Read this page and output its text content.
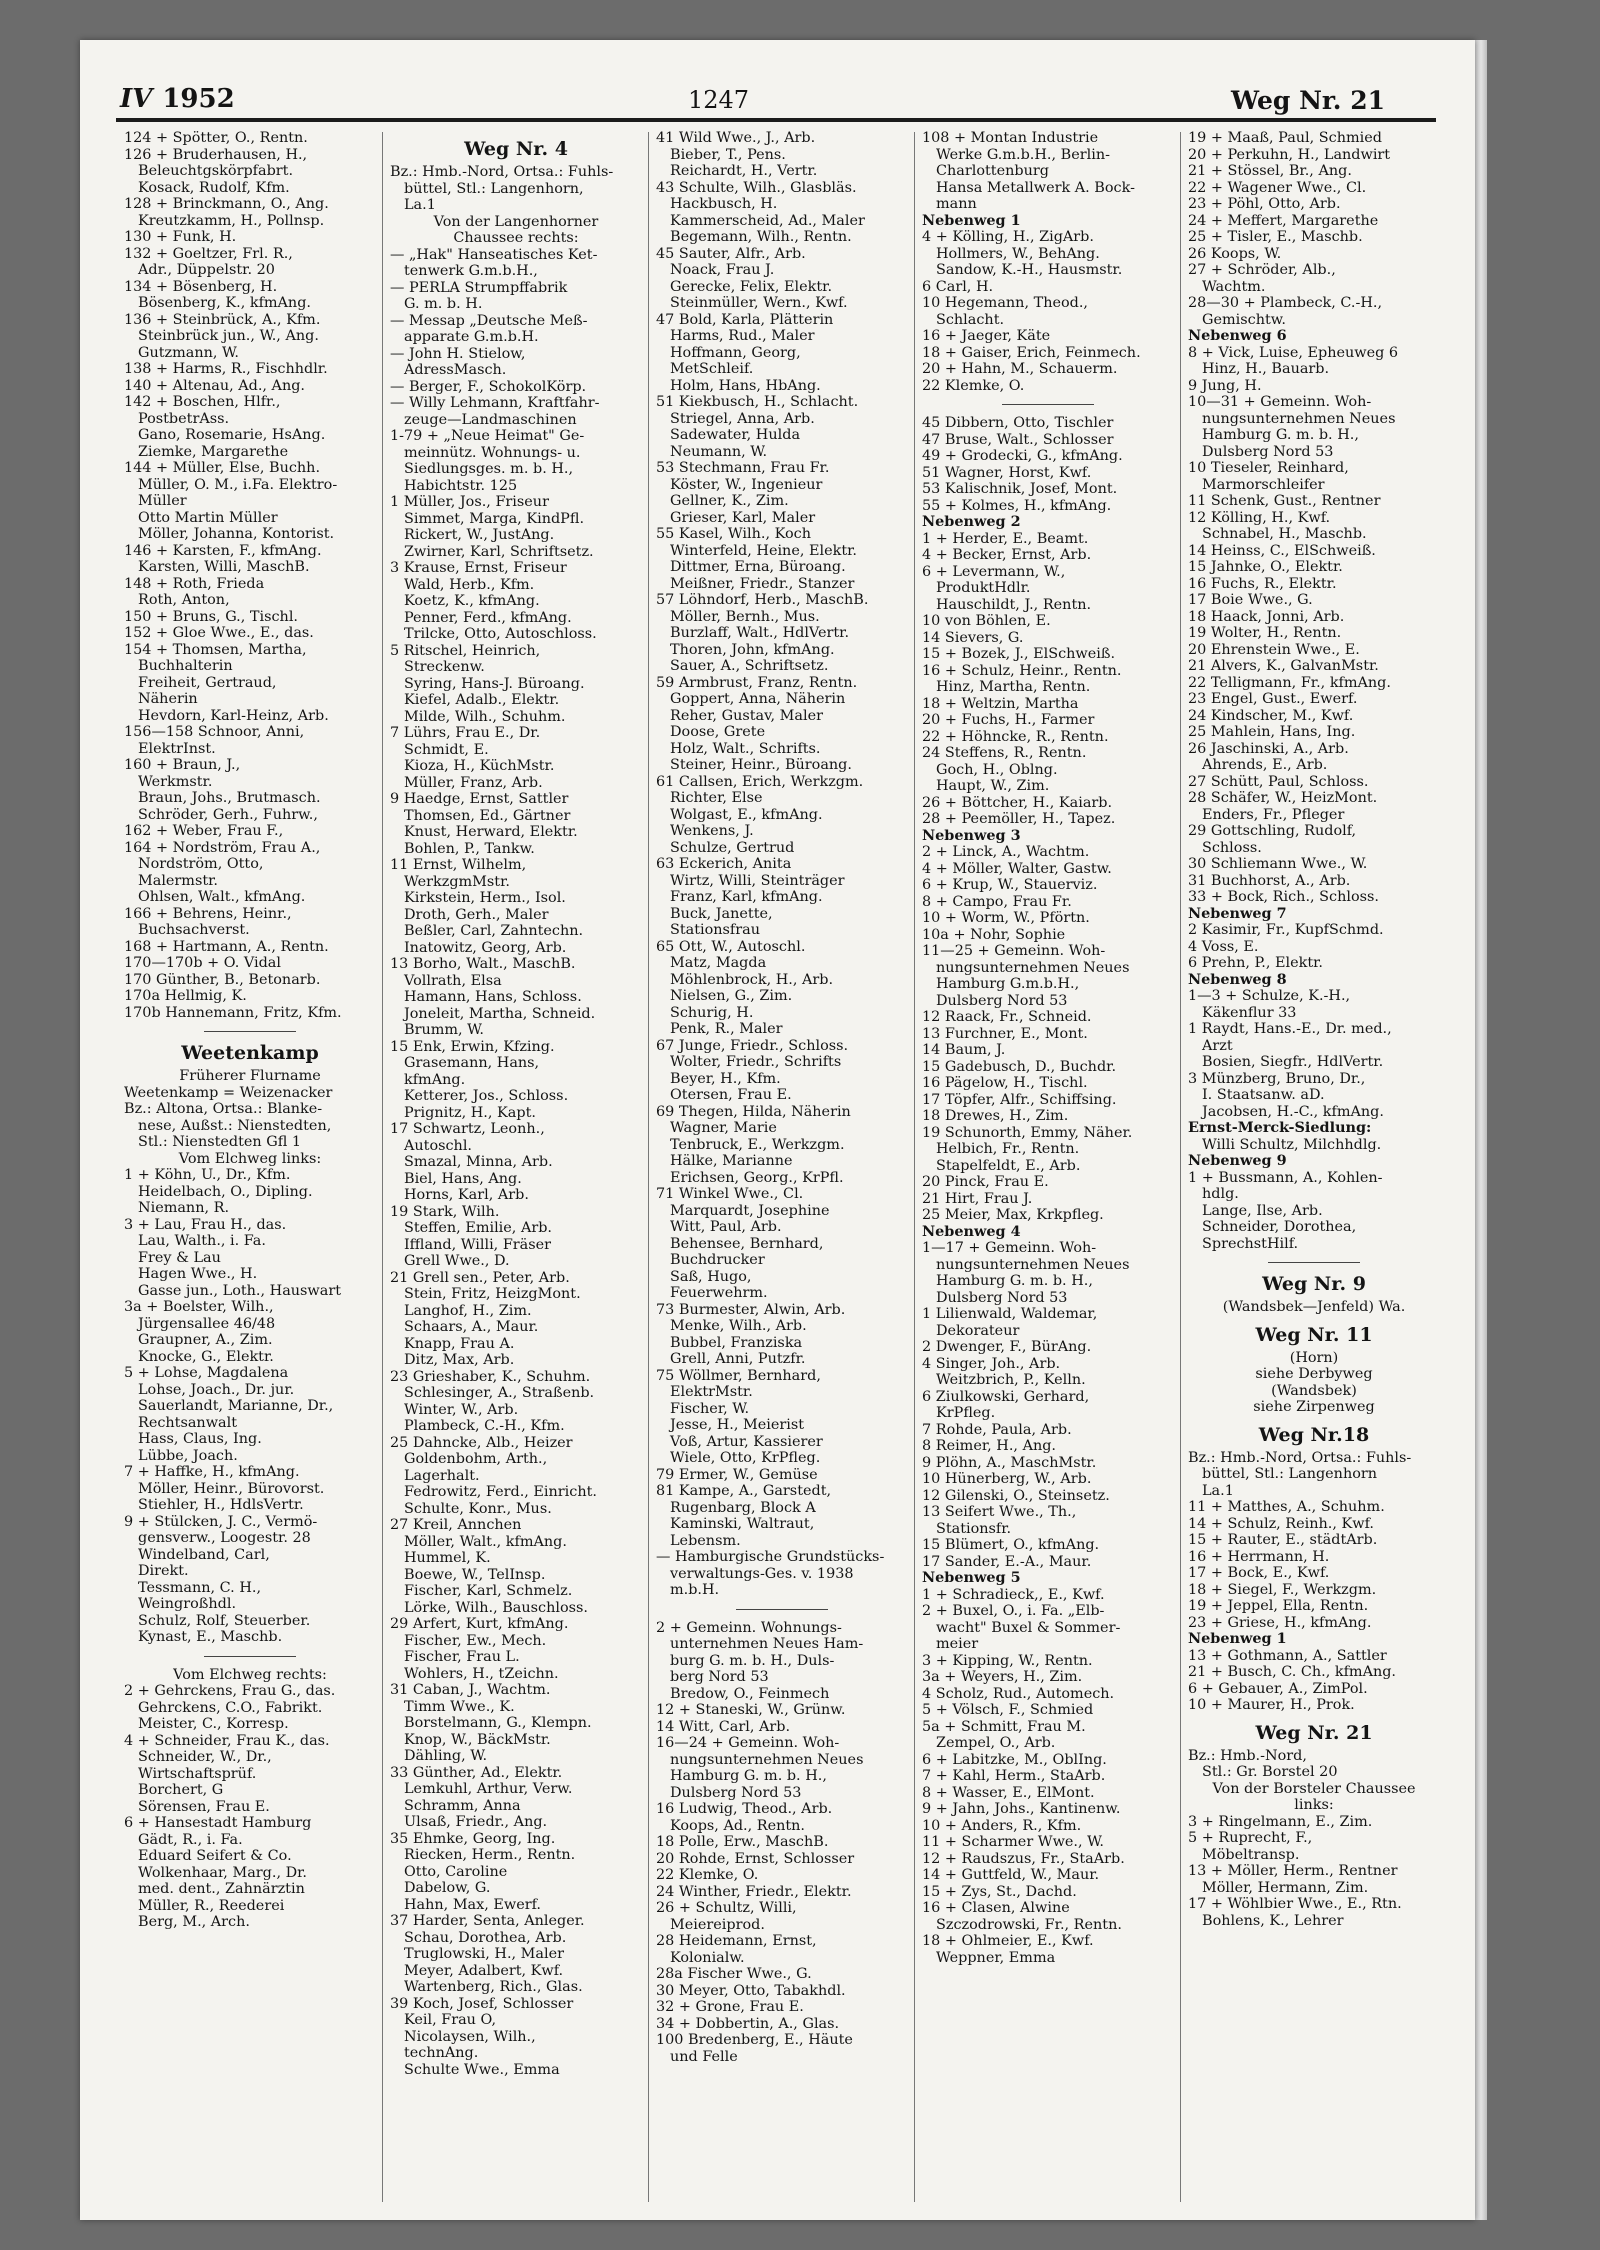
IV 1952	1247	Weg Nr. 21
124 + Spötter, O., Rentn.
126 + Bruderhausen, H.,
Beleuchtgskörpfabrt.
Kosack, Rudolf, Kfm.
128 + Brinckmann, O., Ang.
Kreutzkamm, H., Pollnsp.
130 + Funk, H.
132 + Goeltzer, Frl. R.,
Adr., Düppelstr. 20
134 + Bösenberg, H.
Bösenberg, K., kfmAng.
136 + Steinbrück, A., Kfm.
Steinbrück jun., W., Ang.
Gutzmann, W.
138 + Harms, R., Fischhdlr.
140 + Altenau, Ad., Ang.
142 + Boschen, Hlfr.,
PostbetrAss.
Gano, Rosemarie, HsAng.
Ziemke, Margarethe
144 + Müller, Else, Buchh.
Müller, O. M., i.Fa. Elektro-
Müller
Otto Martin Müller
Möller, Johanna, Kontorist.
146 + Karsten, F., kfmAng.
Karsten, Willi, MaschB.
148 + Roth, Frieda
Roth, Anton,
150 + Bruns, G., Tischl.
152 + Gloe Wwe., E., das.
154 + Thomsen, Martha,
Buchhalterin
Freiheit, Gertraud,
Näherin
Hevdorn, Karl-Heinz, Arb.
156—158 Schnoor, Anni,
ElektrInst.
160 + Braun, J.,
Werkmstr.
Braun, Johs., Brutmasch.
Schröder, Gerh., Fuhrw.,
162 + Weber, Frau F.,
164 + Nordström, Frau A.,
Nordström, Otto,
Malermstr.
Ohlsen, Walt., kfmAng.
166 + Behrens, Heinr.,
Buchsachverst.
168 + Hartmann, A., Rentn.
170—170b + O. Vidal
170 Günther, B., Betonarb.
170a Hellmig, K.
170b Hannemann, Fritz, Kfm.
Weetenkamp
Früherer Flurname
Weetenkamp = Weizenacker
Bz.: Altona, Ortsa.: Blanke-
nese, Außst.: Nienstedten,
Stl.: Nienstedten Gfl 1
Vom Elchweg links:
1 + Köhn, U., Dr., Kfm.
Heidelbach, O., Dipling.
Niemann, R.
3 + Lau, Frau H., das.
Lau, Walth., i. Fa.
Frey & Lau
Hagen Wwe., H.
Gasse jun., Loth., Hauswart
3a + Boelster, Wilh.,
Jürgensallee 46/48
Graupner, A., Zim.
Knocke, G., Elektr.
5 + Lohse, Magdalena
Lohse, Joach., Dr. jur.
Sauerlandt, Marianne, Dr.,
Rechtsanwalt
Hass, Claus, Ing.
Lübbe, Joach.
7 + Haffke, H., kfmAng.
Möller, Heinr., Bürovorst.
Stiehler, H., HdlsVertr.
9 + Stülcken, J. C., Vermö-
gensverw., Loogestr. 28
Windelband, Carl,
Direkt.
Tessmann, C. H.,
Weingroßhdl.
Schulz, Rolf, Steuerber.
Kynast, E., Maschb.
Vom Elchweg rechts:
2 + Gehrckens, Frau G., das.
Gehrckens, C.O., Fabrikt.
Meister, C., Korresp.
4 + Schneider, Frau K., das.
Schneider, W., Dr.,
Wirtschaftsprüf.
Borchert, G
Sörensen, Frau E.
6 + Hansestadt Hamburg
Gädt, R., i. Fa.
Eduard Seifert & Co.
Wolkenhaar, Marg., Dr.
med. dent., Zahnärztin
Müller, R., Reederei
Berg, M., Arch.
Weg Nr. 4
Bz.: Hmb.-Nord, Ortsa.: Fuhls-
büttel, Stl.: Langenhorn,
La.1
Von der Langenhorner
Chaussee rechts:
— „Hak" Hanseatisches Ket-
tenwerk G.m.b.H.,
— PERLA Strumpffabrik
G. m. b. H.
— Messap „Deutsche Meß-
apparate G.m.b.H.
— John H. Stielow,
AdressMasch.
— Berger, F., SchokolKörp.
— Willy Lehmann, Kraftfahr-
zeuge—Landmaschinen
1-79 + „Neue Heimat" Ge-
meinnütz. Wohnungs- u.
Siedlungsges. m. b. H.,
Habichtstr. 125
1 Müller, Jos., Friseur
Simmet, Marga, KindPfl.
Rickert, W., JustAng.
Zwirner, Karl, Schriftsetz.
3 Krause, Ernst, Friseur
Wald, Herb., Kfm.
Koetz, K., kfmAng.
Penner, Ferd., kfmAng.
Trilcke, Otto, Autoschloss.
5 Ritschel, Heinrich,
Streckenw.
Syring, Hans-J. Büroang.
Kiefel, Adalb., Elektr.
Milde, Wilh., Schuhm.
7 Lührs, Frau E., Dr.
Schmidt, E.
Kioza, H., KüchMstr.
Müller, Franz, Arb.
9 Haedge, Ernst, Sattler
Thomsen, Ed., Gärtner
Knust, Herward, Elektr.
Bohlen, P., Tankw.
11 Ernst, Wilhelm,
WerkzgmMstr.
Kirkstein, Herm., Isol.
Droth, Gerh., Maler
Beßler, Carl, Zahntechn.
Inatowitz, Georg, Arb.
13 Borho, Walt., MaschB.
Vollrath, Elsa
Hamann, Hans, Schloss.
Joneleit, Martha, Schneid.
Brumm, W.
15 Enk, Erwin, Kfzing.
Grasemann, Hans,
kfmAng.
Ketterer, Jos., Schloss.
Prignitz, H., Kapt.
17 Schwartz, Leonh.,
Autoschl.
Smazal, Minna, Arb.
Biel, Hans, Ang.
Horns, Karl, Arb.
19 Stark, Wilh.
Steffen, Emilie, Arb.
Iffland, Willi, Fräser
Grell Wwe., D.
21 Grell sen., Peter, Arb.
Stein, Fritz, HeizgMont.
Langhof, H., Zim.
Schaars, A., Maur.
Knapp, Frau A.
Ditz, Max, Arb.
23 Grieshaber, K., Schuhm.
Schlesinger, A., Straßenb.
Winter, W., Arb.
Plambeck, C.-H., Kfm.
25 Dahncke, Alb., Heizer
Goldenbohm, Arth.,
Lagerhalt.
Fedrowitz, Ferd., Einricht.
Schulte, Konr., Mus.
27 Kreil, Annchen
Möller, Walt., kfmAng.
Hummel, K.
Boewe, W., TelInsp.
Fischer, Karl, Schmelz.
Lörke, Wilh., Bauschloss.
29 Arfert, Kurt, kfmAng.
Fischer, Ew., Mech.
Fischer, Frau L.
Wohlers, H., tZeichn.
31 Caban, J., Wachtm.
Timm Wwe., K.
Borstelmann, G., Klempn.
Knop, W., BäckMstr.
Dähling, W.
33 Günther, Ad., Elektr.
Lemkuhl, Arthur, Verw.
Schramm, Anna
Ulsaß, Friedr., Ang.
35 Ehmke, Georg, Ing.
Riecken, Herm., Rentn.
Otto, Caroline
Dabelow, G.
Hahn, Max, Ewerf.
37 Harder, Senta, Anleger.
Schau, Dorothea, Arb.
Truglowski, H., Maler
Meyer, Adalbert, Kwf.
Wartenberg, Rich., Glas.
39 Koch, Josef, Schlosser
Keil, Frau O,
Nicolaysen, Wilh.,
technAng.
Schulte Wwe., Emma
41 Wild Wwe., J., Arb.
Bieber, T., Pens.
Reichardt, H., Vertr.
43 Schulte, Wilh., Glasbläs.
Hackbusch, H.
Kammerscheid, Ad., Maler
Begemann, Wilh., Rentn.
45 Sauter, Alfr., Arb.
Noack, Frau J.
Gerecke, Felix, Elektr.
Steinmüller, Wern., Kwf.
47 Bold, Karla, Plätterin
Harms, Rud., Maler
Hoffmann, Georg,
MetSchleif.
Holm, Hans, HbAng.
51 Kiekbusch, H., Schlacht.
Striegel, Anna, Arb.
Sadewater, Hulda
Neumann, W.
53 Stechmann, Frau Fr.
Köster, W., Ingenieur
Gellner, K., Zim.
Grieser, Karl, Maler
55 Kasel, Wilh., Koch
Winterfeld, Heine, Elektr.
Dittmer, Erna, Büroang.
Meißner, Friedr., Stanzer
57 Löhndorf, Herb., MaschB.
Möller, Bernh., Mus.
Burzlaff, Walt., HdlVertr.
Thoren, John, kfmAng.
Sauer, A., Schriftsetz.
59 Armbrust, Franz, Rentn.
Goppert, Anna, Näherin
Reher, Gustav, Maler
Doose, Grete
Holz, Walt., Schrifts.
Steiner, Heinr., Büroang.
61 Callsen, Erich, Werkzgm.
Richter, Else
Wolgast, E., kfmAng.
Wenkens, J.
Schulze, Gertrud
63 Eckerich, Anita
Wirtz, Willi, Steinträger
Franz, Karl, kfmAng.
Buck, Janette,
Stationsfrau
65 Ott, W., Autoschl.
Matz, Magda
Möhlenbrock, H., Arb.
Nielsen, G., Zim.
Schurig, H.
Penk, R., Maler
67 Junge, Friedr., Schloss.
Wolter, Friedr., Schrifts
Beyer, H., Kfm.
Otersen, Frau E.
69 Thegen, Hilda, Näherin
Wagner, Marie
Tenbruck, E., Werkzgm.
Hälke, Marianne
Erichsen, Georg., KrPfl.
71 Winkel Wwe., Cl.
Marquardt, Josephine
Witt, Paul, Arb.
Behensee, Bernhard,
Buchdrucker
Saß, Hugo,
Feuerwehrm.
73 Burmester, Alwin, Arb.
Menke, Wilh., Arb.
Bubbel, Franziska
Grell, Anni, Putzfr.
75 Wöllmer, Bernhard,
ElektrMstr.
Fischer, W.
Jesse, H., Meierist
Voß, Artur, Kassierer
Wiele, Otto, KrPfleg.
79 Ermer, W., Gemüse
81 Kampe, A., Garstedt,
Rugenbarg, Block A
Kaminski, Waltraut,
Lebensm.
— Hamburgische Grundstücks-
verwaltungs-Ges. v. 1938
m.b.H.
2 + Gemeinn. Wohnungs-
unternehmen Neues Ham-
burg G. m. b. H., Duls-
berg Nord 53
Bredow, O., Feinmech
12 + Staneski, W., Grünw.
14 Witt, Carl, Arb.
16—24 + Gemeinn. Woh-
nungsunternehmen Neues
Hamburg G. m. b. H.,
Dulsberg Nord 53
16 Ludwig, Theod., Arb.
Koops, Ad., Rentn.
18 Polle, Erw., MaschB.
20 Rohde, Ernst, Schlosser
22 Klemke, O.
24 Winther, Friedr., Elektr.
26 + Schultz, Willi,
Meiereiprod.
28 Heidemann, Ernst,
Kolonialw.
28a Fischer Wwe., G.
30 Meyer, Otto, Tabakhdl.
32 + Grone, Frau E.
34 + Dobbertin, A., Glas.
100 Bredenberg, E., Häute
und Felle
108 + Montan Industrie
Werke G.m.b.H., Berlin-
Charlottenburg
Hansa Metallwerk A. Bock-
mann
Nebenweg 1
4 + Kölling, H., ZigArb.
Hollmers, W., BehAng.
Sandow, K.-H., Hausmstr.
6 Carl, H.
10 Hegemann, Theod.,
Schlacht.
16 + Jaeger, Käte
18 + Gaiser, Erich, Feinmech.
20 + Hahn, M., Schauerm.
22 Klemke, O.
45 Dibbern, Otto, Tischler
47 Bruse, Walt., Schlosser
49 + Grodecki, G., kfmAng.
51 Wagner, Horst, Kwf.
53 Kalischnik, Josef, Mont.
55 + Kolmes, H., kfmAng.
Nebenweg 2
1 + Herder, E., Beamt.
4 + Becker, Ernst, Arb.
6 + Levermann, W.,
ProduktHdlr.
Hauschildt, J., Rentn.
10 von Böhlen, E.
14 Sievers, G.
15 + Bozek, J., ElSchweiß.
16 + Schulz, Heinr., Rentn.
Hinz, Martha, Rentn.
18 + Weltzin, Martha
20 + Fuchs, H., Farmer
22 + Höhncke, R., Rentn.
24 Steffens, R., Rentn.
Goch, H., Oblng.
Haupt, W., Zim.
26 + Böttcher, H., Kaiarb.
28 + Peemöller, H., Tapez.
Nebenweg 3
2 + Linck, A., Wachtm.
4 + Möller, Walter, Gastw.
6 + Krup, W., Stauerviz.
8 + Campo, Frau Fr.
10 + Worm, W., Pförtn.
10a + Nohr, Sophie
11—25 + Gemeinn. Woh-
nungsunternehmen Neues
Hamburg G.m.b.H.,
Dulsberg Nord 53
12 Raack, Fr., Schneid.
13 Furchner, E., Mont.
14 Baum, J.
15 Gadebusch, D., Buchdr.
16 Pägelow, H., Tischl.
17 Töpfer, Alfr., Schiffsing.
18 Drewes, H., Zim.
19 Schunorth, Emmy, Näher.
Helbich, Fr., Rentn.
Stapelfeldt, E., Arb.
20 Pinck, Frau E.
21 Hirt, Frau J.
25 Meier, Max, Krkpfleg.
Nebenweg 4
1—17 + Gemeinn. Woh-
nungsunternehmen Neues
Hamburg G. m. b. H.,
Dulsberg Nord 53
1 Lilienwald, Waldemar,
Dekorateur
2 Dwenger, F., BürAng.
4 Singer, Joh., Arb.
Weitzbrich, P., Kelln.
6 Ziulkowski, Gerhard,
KrPfleg.
7 Rohde, Paula, Arb.
8 Reimer, H., Ang.
9 Plöhn, A., MaschMstr.
10 Hünerberg, W., Arb.
12 Gilenski, O., Steinsetz.
13 Seifert Wwe., Th.,
Stationsfr.
15 Blümert, O., kfmAng.
17 Sander, E.-A., Maur.
Nebenweg 5
1 + Schradieck,, E., Kwf.
2 + Buxel, O., i. Fa. „Elb-
wacht" Buxel & Sommer-
meier
3 + Kipping, W., Rentn.
3a + Weyers, H., Zim.
4 Scholz, Rud., Automech.
5 + Völsch, F., Schmied
5a + Schmitt, Frau M.
Zempel, O., Arb.
6 + Labitzke, M., OblIng.
7 + Kahl, Herm., StaArb.
8 + Wasser, E., ElMont.
9 + Jahn, Johs., Kantinenw.
10 + Anders, R., Kfm.
11 + Scharmer Wwe., W.
12 + Raudszus, Fr., StaArb.
14 + Guttfeld, W., Maur.
15 + Zys, St., Dachd.
16 + Clasen, Alwine
Szczodrowski, Fr., Rentn.
18 + Ohlmeier, E., Kwf.
Weppner, Emma
19 + Maaß, Paul, Schmied
20 + Perkuhn, H., Landwirt
21 + Stössel, Br., Ang.
22 + Wagener Wwe., Cl.
23 + Pöhl, Otto, Arb.
24 + Meffert, Margarethe
25 + Tisler, E., Maschb.
26 Koops, W.
27 + Schröder, Alb.,
Wachtm.
28—30 + Plambeck, C.-H.,
Gemischtw.
Nebenweg 6
8 + Vick, Luise, Epheuweg 6
Hinz, H., Bauarb.
9 Jung, H.
10—31 + Gemeinn. Woh-
nungsunternehmen Neues
Hamburg G. m. b. H.,
Dulsberg Nord 53
10 Tieseler, Reinhard,
Marmorschleifer
11 Schenk, Gust., Rentner
12 Kölling, H., Kwf.
Schnabel, H., Maschb.
14 Heinss, C., ElSchweiß.
15 Jahnke, O., Elektr.
16 Fuchs, R., Elektr.
17 Boie Wwe., G.
18 Haack, Jonni, Arb.
19 Wolter, H., Rentn.
20 Ehrenstein Wwe., E.
21 Alvers, K., GalvanMstr.
22 Telligmann, Fr., kfmAng.
23 Engel, Gust., Ewerf.
24 Kindscher, M., Kwf.
25 Mahlein, Hans, Ing.
26 Jaschinski, A., Arb.
Ahrends, E., Arb.
27 Schütt, Paul, Schloss.
28 Schäfer, W., HeizMont.
Enders, Fr., Pfleger
29 Gottschling, Rudolf,
Schloss.
30 Schliemann Wwe., W.
31 Buchhorst, A., Arb.
33 + Bock, Rich., Schloss.
Nebenweg 7
2 Kasimir, Fr., KupfSchmd.
4 Voss, E.
6 Prehn, P., Elektr.
Nebenweg 8
1—3 + Schulze, K.-H.,
Käkenflur 33
1 Raydt, Hans.-E., Dr. med.,
Arzt
Bosien, Siegfr., HdlVertr.
3 Münzberg, Bruno, Dr.,
I. Staatsanw. aD.
Jacobsen, H.-C., kfmAng.
Ernst-Merck-Siedlung:
Willi Schultz, Milchhdlg.
Nebenweg 9
1 + Bussmann, A., Kohlen-
hdlg.
Lange, Ilse, Arb.
Schneider, Dorothea,
SprechstHilf.
Weg Nr. 9
(Wandsbek—Jenfeld) Wa.
Weg Nr. 11
(Horn)
siehe Derbyweg
(Wandsbek)
siehe Zirpenweg
Weg Nr.18
Bz.: Hmb.-Nord, Ortsa.: Fuhls-
büttel, Stl.: Langenhorn
La.1
11 + Matthes, A., Schuhm.
14 + Schulz, Reinh., Kwf.
15 + Rauter, E., städtArb.
16 + Herrmann, H.
17 + Bock, E., Kwf.
18 + Siegel, F., Werkzgm.
19 + Jeppel, Ella, Rentn.
23 + Griese, H., kfmAng.
Nebenweg 1
13 + Gothmann, A., Sattler
21 + Busch, C. Ch., kfmAng.
6 + Gebauer, A., ZimPol.
10 + Maurer, H., Prok.
Weg Nr. 21
Bz.: Hmb.-Nord,
Stl.: Gr. Borstel 20
Von der Borsteler Chaussee
links:
3 + Ringelmann, E., Zim.
5 + Ruprecht, F.,
Möbeltransp.
13 + Möller, Herm., Rentner
Möller, Hermann, Zim.
17 + Wöhlbier Wwe., E., Rtn.
Bohlens, K., Lehrer
